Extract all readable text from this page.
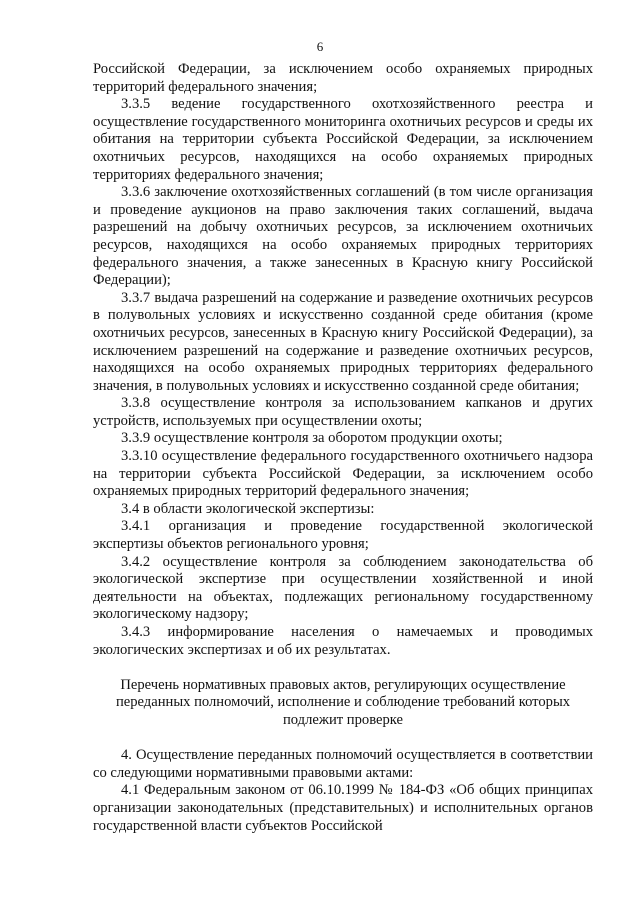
6

Российской Федерации, за исключением особо охраняемых природных территорий федерального значения;

3.3.5 ведение государственного охотхозяйственного реестра и осуществление государственного мониторинга охотничьих ресурсов и среды их обитания на территории субъекта Российской Федерации, за исключением охотничьих ресурсов, находящихся на особо охраняемых природных территориях федерального значения;

3.3.6 заключение охотхозяйственных соглашений (в том числе организация и проведение аукционов на право заключения таких соглашений, выдача разрешений на добычу охотничьих ресурсов, за исключением охотничьих ресурсов, находящихся на особо охраняемых природных территориях федерального значения, а также занесенных в Красную книгу Российской Федерации);

3.3.7 выдача разрешений на содержание и разведение охотничьих ресурсов в полувольных условиях и искусственно созданной среде обитания (кроме охотничьих ресурсов, занесенных в Красную книгу Российской Федерации), за исключением разрешений на содержание и разведение охотничьих ресурсов, находящихся на особо охраняемых природных территориях федерального значения, в полувольных условиях и искусственно созданной среде обитания;

3.3.8 осуществление контроля за использованием капканов и других устройств, используемых при осуществлении охоты;

3.3.9 осуществление контроля за оборотом продукции охоты;

3.3.10 осуществление федерального государственного охотничьего надзора на территории субъекта Российской Федерации, за исключением особо охраняемых природных территорий федерального значения;

3.4 в области экологической экспертизы:

3.4.1 организация и проведение государственной экологической экспертизы объектов регионального уровня;

3.4.2 осуществление контроля за соблюдением законодательства об экологической экспертизе при осуществлении хозяйственной и иной деятельности на объектах, подлежащих региональному государственному экологическому надзору;

3.4.3 информирование населения о намечаемых и проводимых экологических экспертизах и об их результатах.

Перечень нормативных правовых актов, регулирующих осуществление
переданных полномочий, исполнение и соблюдение требований которых
подлежит проверке

4. Осуществление переданных полномочий осуществляется в соответствии со следующими нормативными правовыми актами:

4.1 Федеральным законом от 06.10.1999 № 184-ФЗ «Об общих принципах организации законодательных (представительных) и исполнительных органов государственной власти субъектов Российской
